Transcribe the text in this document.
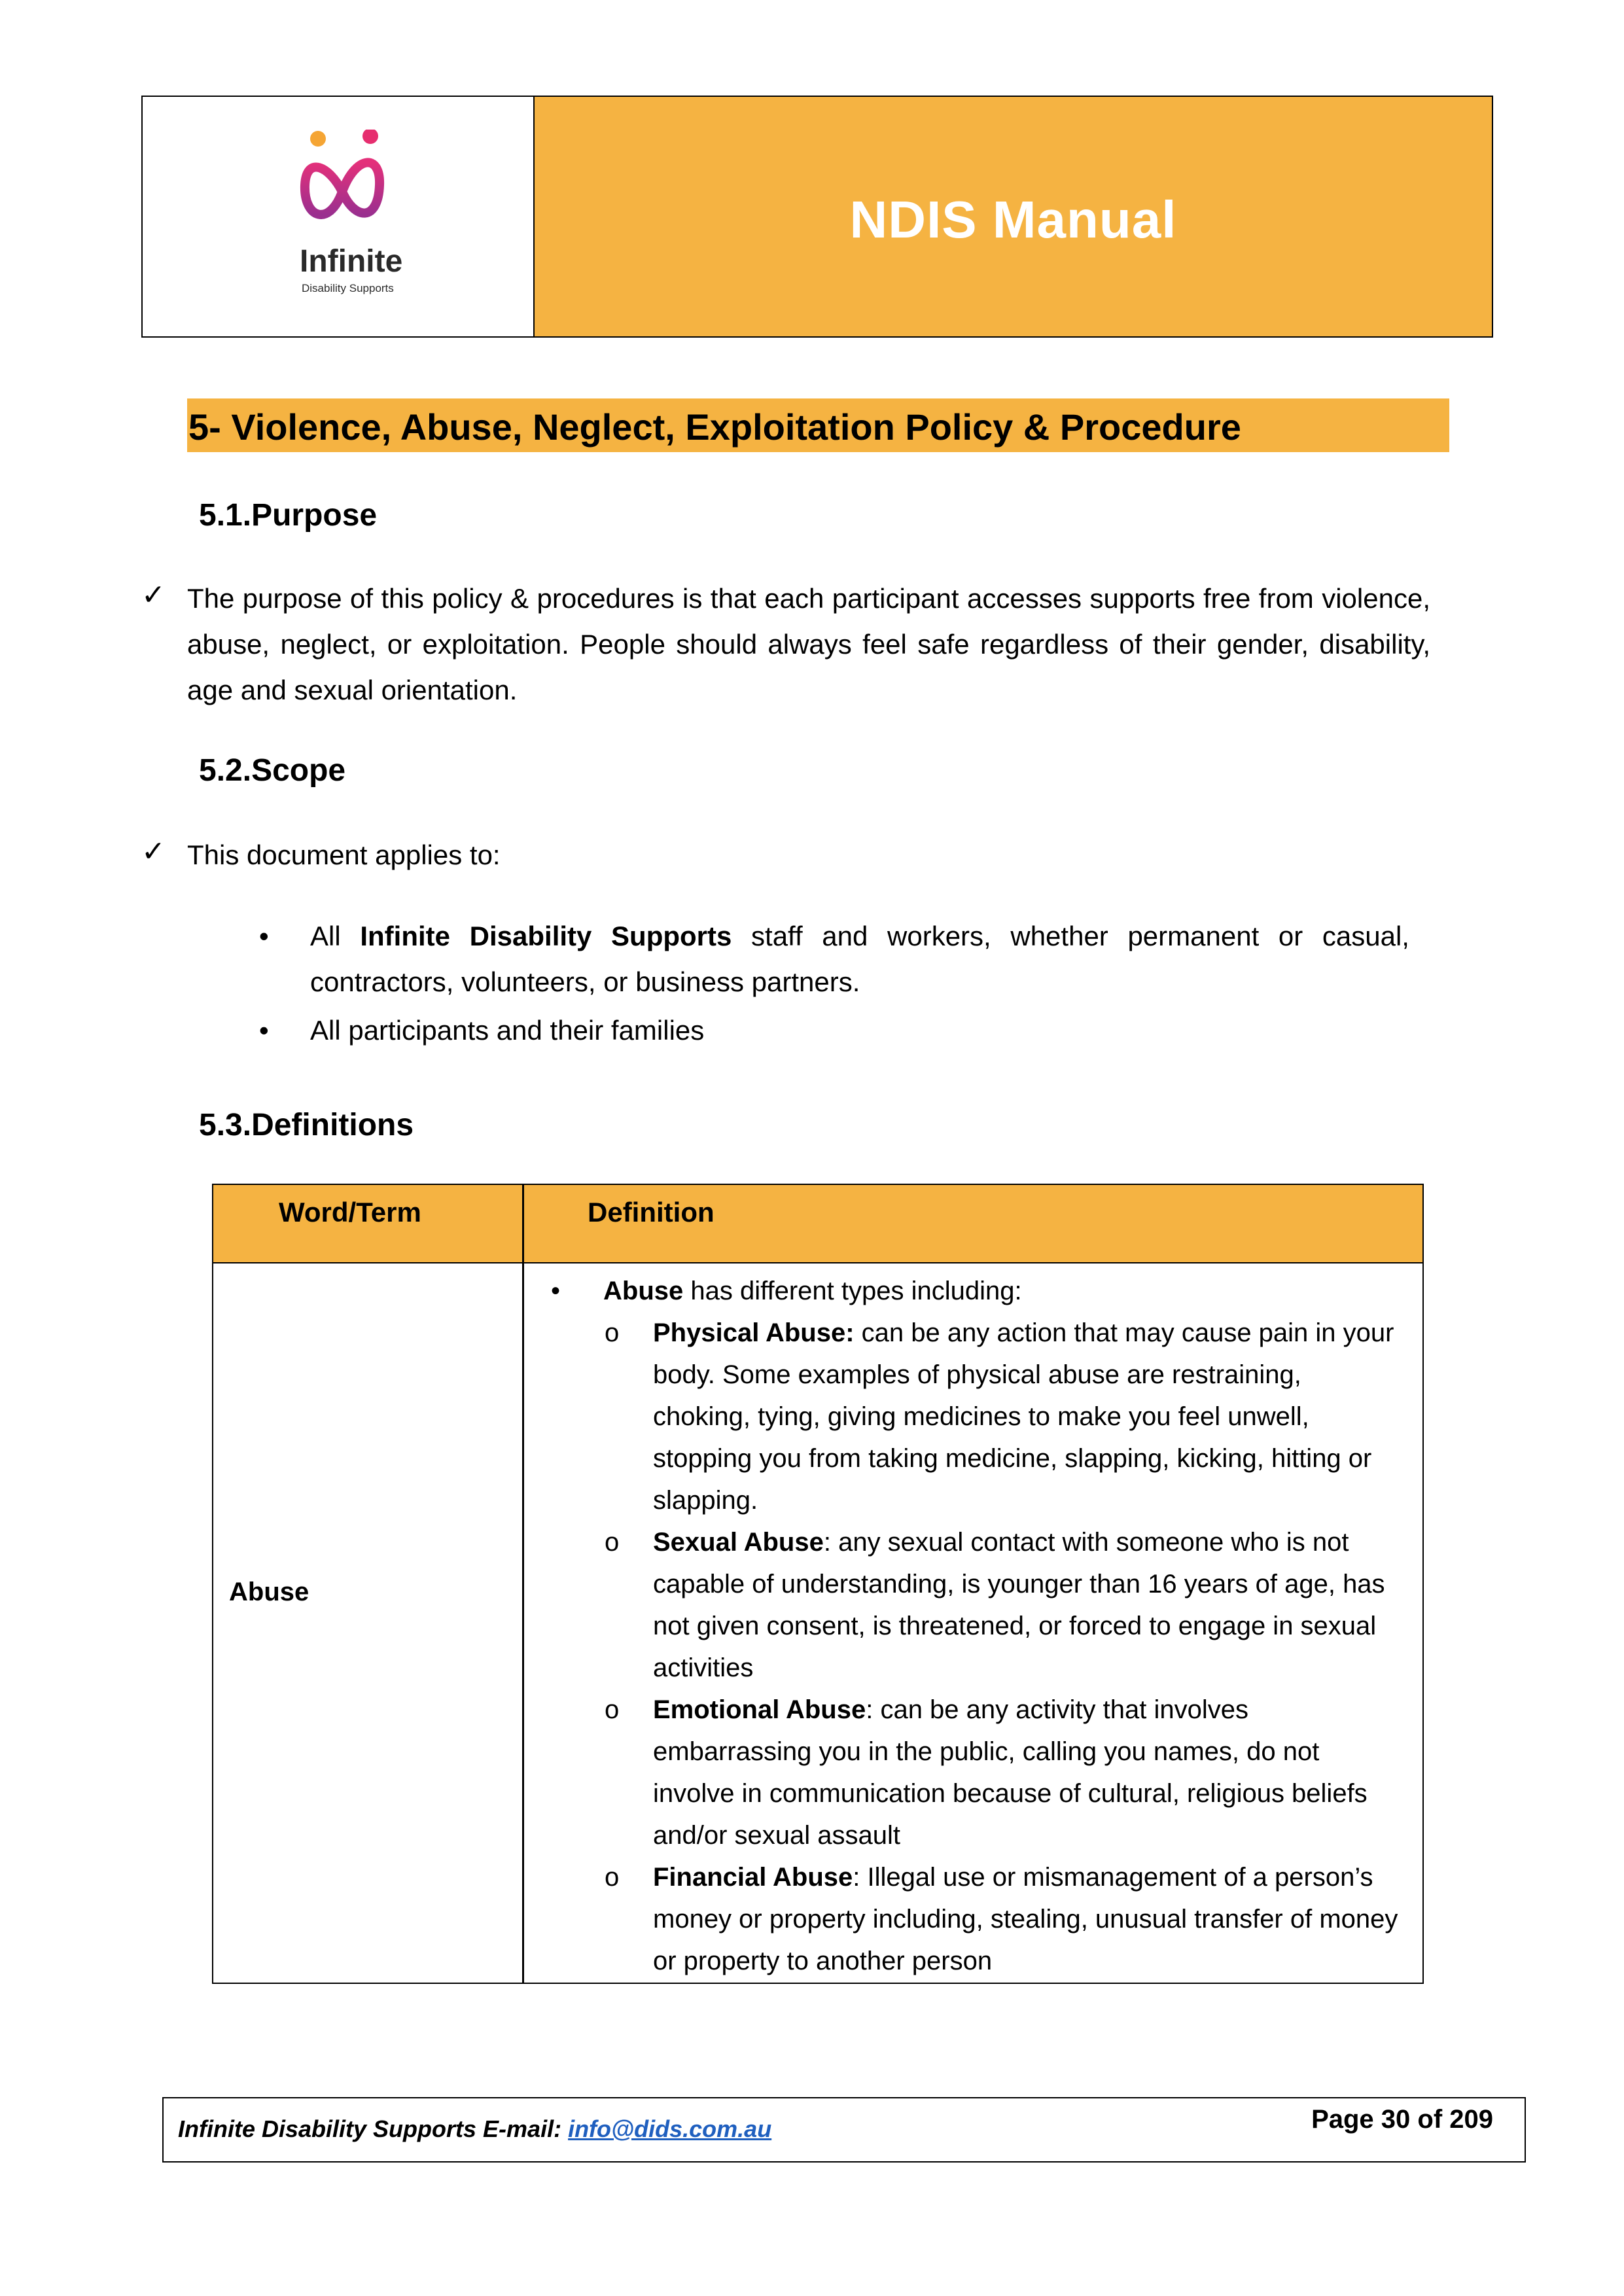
Infinite
Disability Supports
NDIS Manual
5- Violence, Abuse, Neglect, Exploitation Policy & Procedure
5.1.Purpose
✓ The purpose of this policy & procedures is that each participant accesses supports free from violence, abuse, neglect, or exploitation. People should always feel safe regardless of their gender, disability, age and sexual orientation.
5.2.Scope
✓ This document applies to:
• All Infinite Disability Supports staff and workers, whether permanent or casual, contractors, volunteers, or business partners.
• All participants and their families
5.3.Definitions
Word/Term	Definition
Abuse
• Abuse has different types including:
o Physical Abuse: can be any action that may cause pain in your body. Some examples of physical abuse are restraining, choking, tying, giving medicines to make you feel unwell, stopping you from taking medicine, slapping, kicking, hitting or slapping.
o Sexual Abuse: any sexual contact with someone who is not capable of understanding, is younger than 16 years of age, has not given consent, is threatened, or forced to engage in sexual activities
o Emotional Abuse: can be any activity that involves embarrassing you in the public, calling you names, do not involve in communication because of cultural, religious beliefs and/or sexual assault
o Financial Abuse: Illegal use or mismanagement of a person’s money or property including, stealing, unusual transfer of money or property to another person
Infinite Disability Supports E-mail: info@dids.com.au	Page 30 of 209
